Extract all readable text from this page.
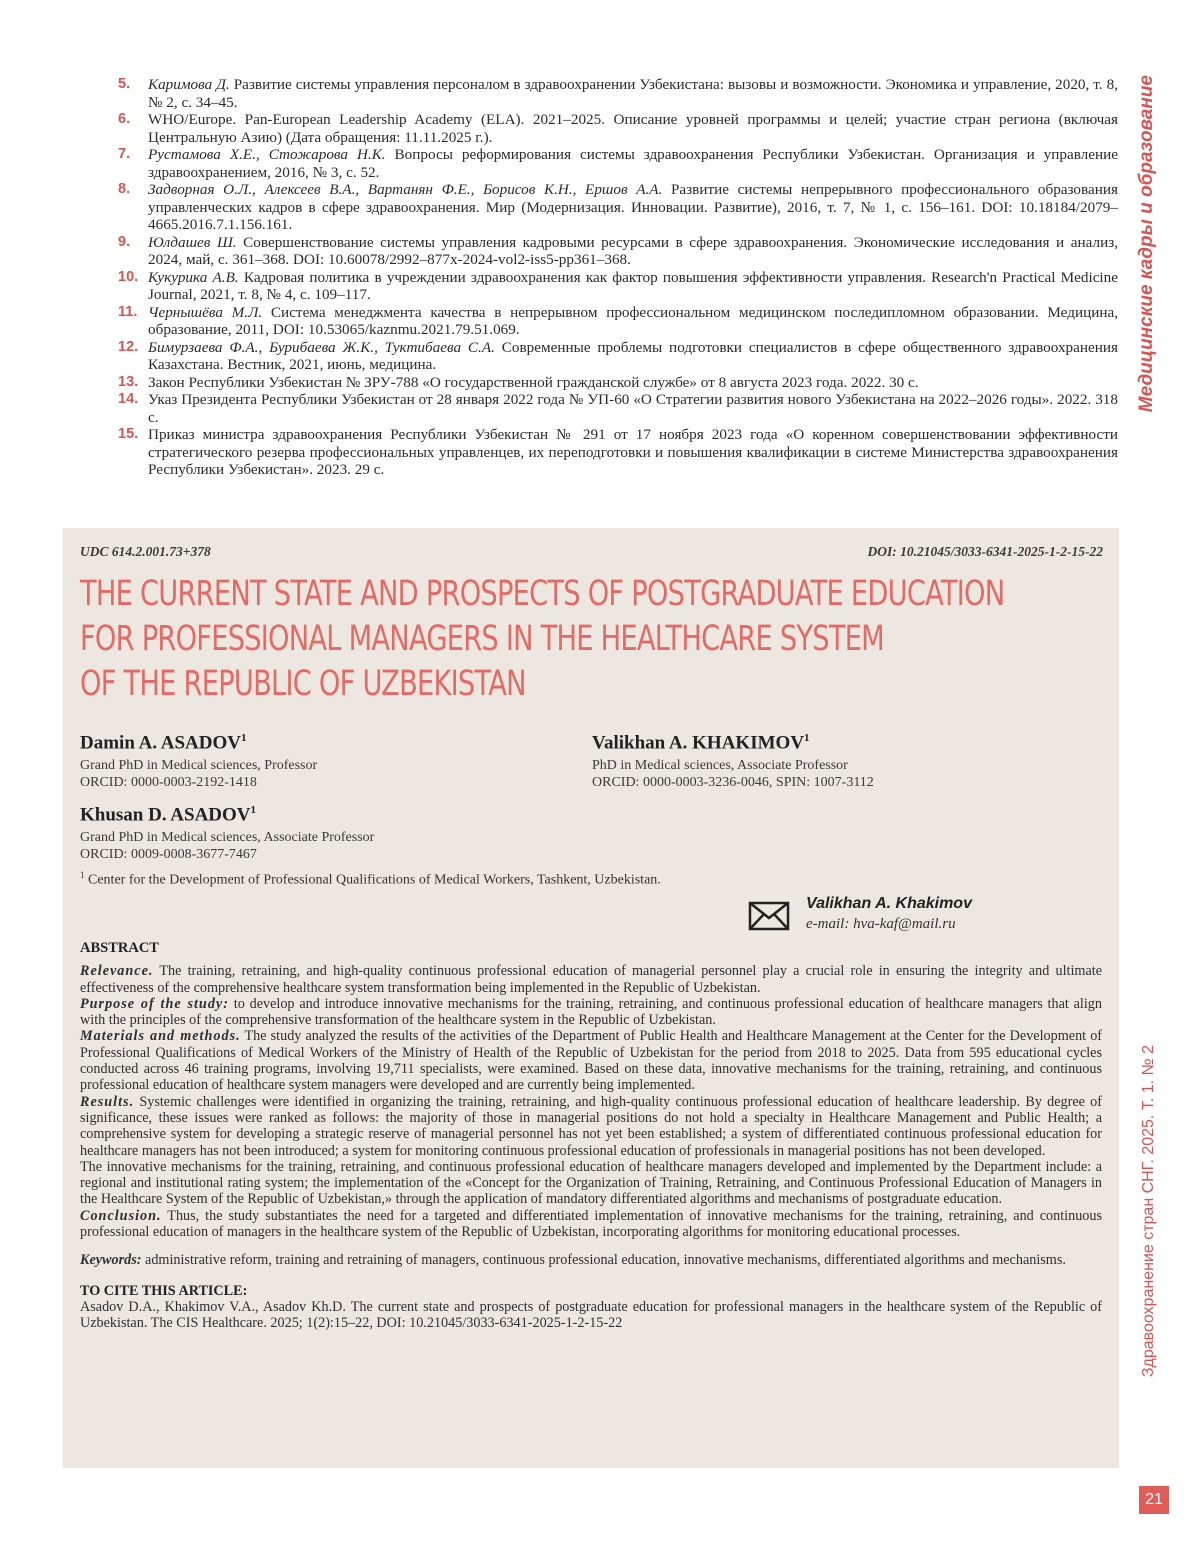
5. Каримова Д. Развитие системы управления персоналом в здравоохранении Узбекистана: вызовы и возможности. Экономика и управление, 2020, т. 8, № 2, с. 34–45.
6. WHO/Europe. Pan-European Leadership Academy (ELA). 2021–2025. Описание уровней программы и целей; участие стран региона (включая Центральную Азию) (Дата обращения: 11.11.2025 г.).
7. Рустамова Х.Е., Стожарова Н.К. Вопросы реформирования системы здравоохранения Республики Узбекистан. Организация и управление здравоохранением, 2016, № 3, с. 52.
8. Задворная О.Л., Алексеев В.А., Вартанян Ф.Е., Борисов К.Н., Ершов А.А. Развитие системы непрерывного профессионального образования управленческих кадров в сфере здравоохранения. Мир (Модернизация. Инновации. Развитие), 2016, т. 7, № 1, с. 156–161. DOI: 10.18184/2079–4665.2016.7.1.156.161.
9. Юлдашев Ш. Совершенствование системы управления кадровыми ресурсами в сфере здравоохранения. Экономические исследования и анализ, 2024, май, с. 361–368. DOI: 10.60078/2992–877x-2024-vol2-iss5-pp361–368.
10. Кукурика А.В. Кадровая политика в учреждении здравоохранения как фактор повышения эффективности управления. Research'n Practical Medicine Journal, 2021, т. 8, № 4, с. 109–117.
11. Чернышёва М.Л. Система менеджмента качества в непрерывном профессиональном медицинском последипломном образовании. Медицина, образование, 2011, DOI: 10.53065/kaznmu.2021.79.51.069.
12. Бимурзаева Ф.А., Бурибаева Ж.К., Туктибаева С.А. Современные проблемы подготовки специалистов в сфере общественного здравоохранения Казахстана. Вестник, 2021, июнь, медицина.
13. Закон Республики Узбекистан № ЗРУ-788 «О государственной гражданской службе» от 8 августа 2023 года. 2022. 30 с.
14. Указ Президента Республики Узбекистан от 28 января 2022 года № УП-60 «О Стратегии развития нового Узбекистана на 2022–2026 годы». 2022. 318 с.
15. Приказ министра здравоохранения Республики Узбекистан № 291 от 17 ноября 2023 года «О коренном совершенствовании эффективности стратегического резерва профессиональных управленцев, их переподготовки и повышения квалификации в системе Министерства здравоохранения Республики Узбекистан». 2023. 29 с.
Медицинские кадры и образование
Здравоохранение стран СНГ. 2025. Т. 1. № 2
21
UDC 614.2.001.73+378	DOI: 10.21045/3033-6341-2025-1-2-15-22
THE CURRENT STATE AND PROSPECTS OF POSTGRADUATE EDUCATION
FOR PROFESSIONAL MANAGERS IN THE HEALTHCARE SYSTEM
OF THE REPUBLIC OF UZBEKISTAN
Damin A. ASADOV$^1$
Grand PhD in Medical sciences, Professor
ORCID: 0000-0003-2192-1418
Valikhan A. KHAKIMOV$^1$
PhD in Medical sciences, Associate Professor
ORCID: 0000-0003-3236-0046, SPIN: 1007-3112
Khusan D. ASADOV$^1$
Grand PhD in Medical sciences, Associate Professor
ORCID: 0009-0008-3677-7467
$^1$ Center for the Development of Professional Qualifications of Medical Workers, Tashkent, Uzbekistan.
Valikhan A. Khakimov
e-mail: hva-kaf@mail.ru
ABSTRACT

Relevance. The training, retraining, and high-quality continuous professional education of managerial personnel play a crucial role in ensuring the integrity and ultimate effectiveness of the comprehensive healthcare system transformation being implemented in the Republic of Uzbekistan.

Purpose of the study: to develop and introduce innovative mechanisms for the training, retraining, and continuous professional education of healthcare managers that align with the principles of the comprehensive transformation of the healthcare system in the Republic of Uzbekistan.

Materials and methods. The study analyzed the results of the activities of the Department of Public Health and Healthcare Management at the Center for the Development of Professional Qualifications of Medical Workers of the Ministry of Health of the Republic of Uzbekistan for the period from 2018 to 2025. Data from 595 educational cycles conducted across 46 training programs, involving 19,711 specialists, were examined. Based on these data, innovative mechanisms for the training, retraining, and continuous professional education of healthcare system managers were developed and are currently being implemented.

Results. Systemic challenges were identified in organizing the training, retraining, and high-quality continuous professional education of healthcare leadership. By degree of significance, these issues were ranked as follows: the majority of those in managerial positions do not hold a specialty in Healthcare Management and Public Health; a comprehensive system for developing a strategic reserve of managerial personnel has not yet been established; a system of differentiated continuous professional education for healthcare managers has not been introduced; a system for monitoring continuous professional education of professionals in managerial positions has not been developed.

The innovative mechanisms for the training, retraining, and continuous professional education of healthcare managers developed and implemented by the Department include: a regional and institutional rating system; the implementation of the «Concept for the Organization of Training, Retraining, and Continuous Professional Education of Managers in the Healthcare System of the Republic of Uzbekistan,» through the application of mandatory differentiated algorithms and mechanisms of postgraduate education.

Conclusion. Thus, the study substantiates the need for a targeted and differentiated implementation of innovative mechanisms for the training, retraining, and continuous professional education of managers in the healthcare system of the Republic of Uzbekistan, incorporating algorithms for monitoring educational processes.

Keywords: administrative reform, training and retraining of managers, continuous professional education, innovative mechanisms, differentiated algorithms and mechanisms.

TO CITE THIS ARTICLE:

Asadov D.A., Khakimov V.A., Asadov Kh.D. The current state and prospects of postgraduate education for professional managers in the healthcare system of the Republic of Uzbekistan. The CIS Healthcare. 2025; 1(2):15–22, DOI: 10.21045/3033-6341-2025-1-2-15-22
